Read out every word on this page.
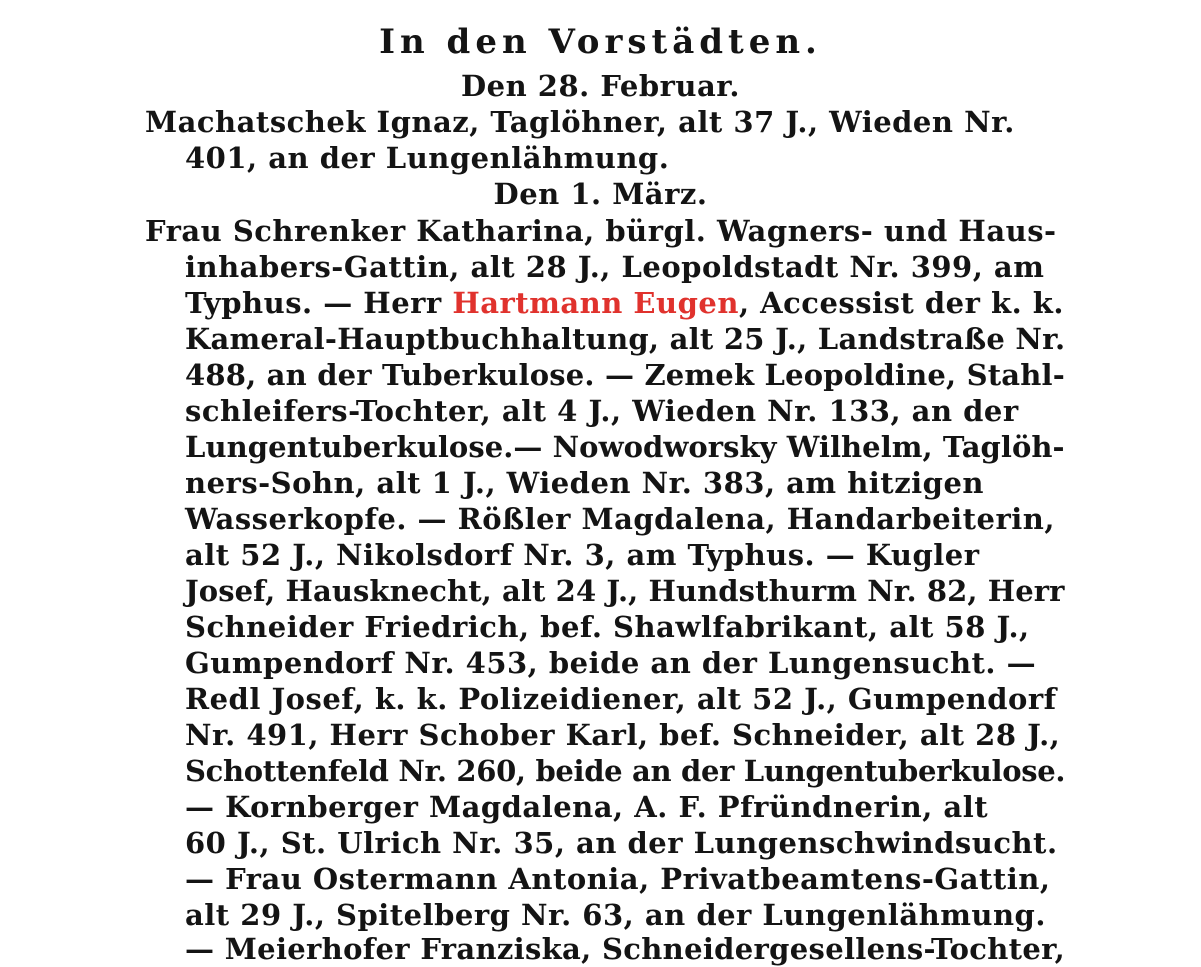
In den Vorstädten.
Den 28. Februar.
Machatschek Ignaz, Taglöhner, alt 37 J., Wieden Nr.
401, an der Lungenlähmung.
Den 1. März.
Frau Schrenker Katharina, bürgl. Wagners- und Haus-
inhabers-Gattin, alt 28 J., Leopoldstadt Nr. 399, am
Typhus. — Herr Hartmann Eugen, Accessist der k. k.
Kameral-Hauptbuchhaltung, alt 25 J., Landstraße Nr.
488, an der Tuberkulose. — Zemek Leopoldine, Stahl-
schleifers-Tochter, alt 4 J., Wieden Nr. 133, an der
Lungentuberkulose.— Nowodworsky Wilhelm, Taglöh-
ners-Sohn, alt 1 J., Wieden Nr. 383, am hitzigen
Wasserkopfe. — Rößler Magdalena, Handarbeiterin,
alt 52 J., Nikolsdorf Nr. 3, am Typhus. — Kugler
Josef, Hausknecht, alt 24 J., Hundsthurm Nr. 82, Herr
Schneider Friedrich, bef. Shawlfabrikant, alt 58 J.,
Gumpendorf Nr. 453, beide an der Lungensucht. —
Redl Josef, k. k. Polizeidiener, alt 52 J., Gumpendorf
Nr. 491, Herr Schober Karl, bef. Schneider, alt 28 J.,
Schottenfeld Nr. 260, beide an der Lungentuberkulose.
— Kornberger Magdalena, A. F. Pfründnerin, alt
60 J., St. Ulrich Nr. 35, an der Lungenschwindsucht.
— Frau Ostermann Antonia, Privatbeamtens-Gattin,
alt 29 J., Spitelberg Nr. 63, an der Lungenlähmung.
— Meierhofer Franziska, Schneidergesellens-Tochter,
